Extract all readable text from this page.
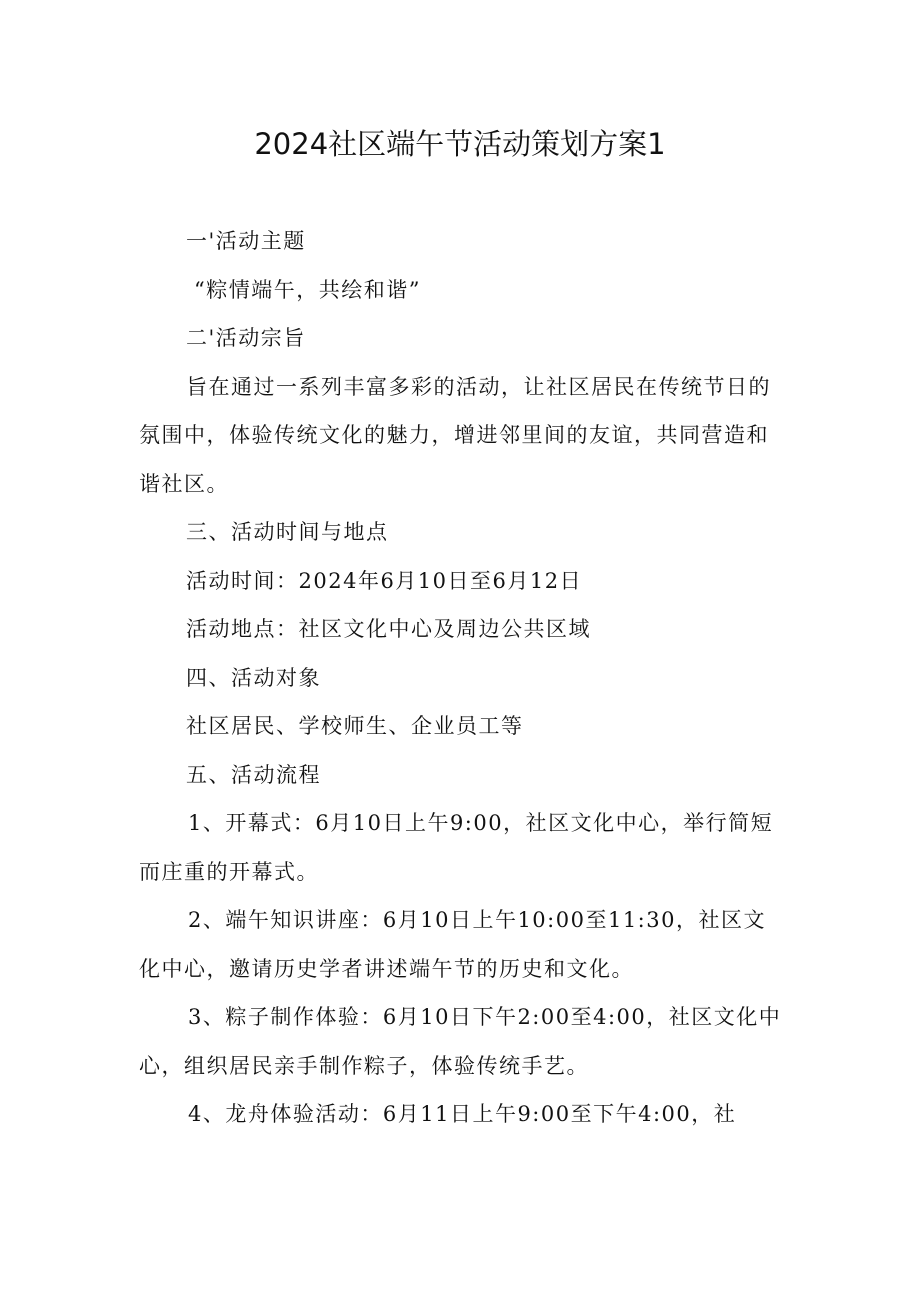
2024社区端午节活动策划方案1

一'活动主题

“粽情端午，共绘和谐”

二'活动宗旨

旨在通过一系列丰富多彩的活动，让社区居民在传统节日的氛围中，体验传统文化的魅力，增进邻里间的友谊，共同营造和谐社区。

三、活动时间与地点

活动时间：2024年6月10日至6月12日

活动地点：社区文化中心及周边公共区域

四、活动对象

社区居民、学校师生、企业员工等

五、活动流程

1、开幕式：6月10日上午9:00，社区文化中心，举行简短而庄重的开幕式。

2、端午知识讲座：6月10日上午10:00至11:30，社区文化中心，邀请历史学者讲述端午节的历史和文化。

3、粽子制作体验：6月10日下午2:00至4:00，社区文化中心，组织居民亲手制作粽子，体验传统手艺。

4、龙舟体验活动：6月11日上午9:00至下午4:00，社
